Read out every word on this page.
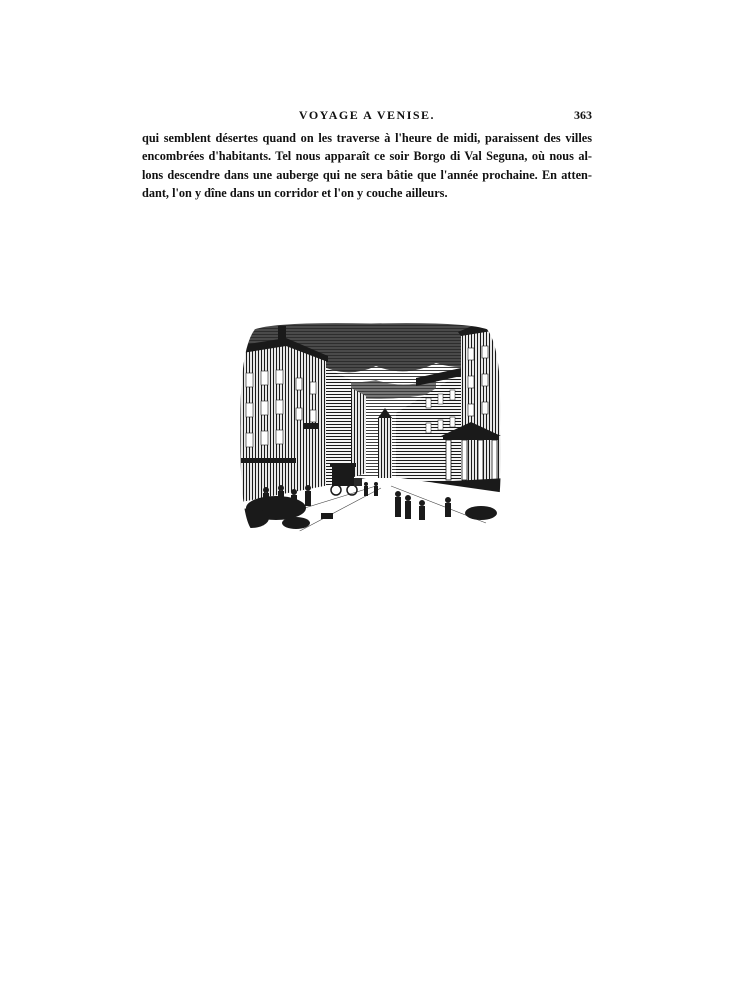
VOYAGE A VENISE.	363
qui semblent désertes quand on les traverse à l'heure de midi, paraissent des villes
encombrées d'habitants. Tel nous apparaît ce soir Borgo di Val Seguna, où nous al-
lons descendre dans une auberge qui ne sera bâtie que l'année prochaine. En atten-
dant, l'on y dîne dans un corridor et l'on y couche ailleurs.
